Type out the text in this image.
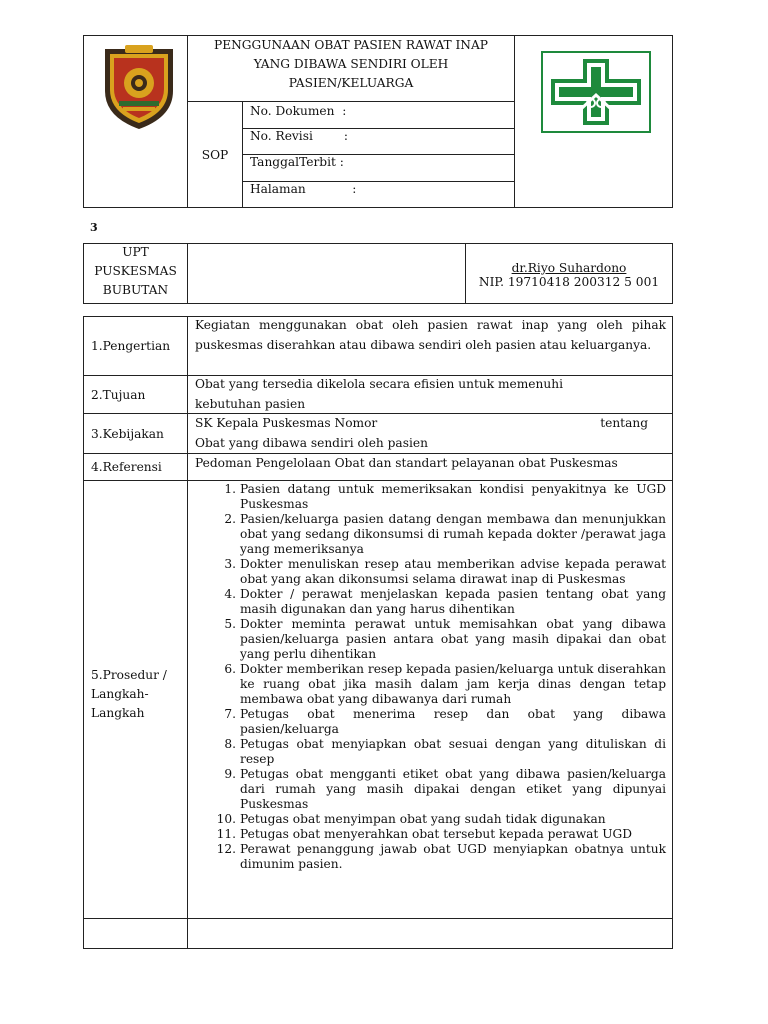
PENGGUNAAN OBAT PASIEN RAWAT INAP
YANG DIBAWA SENDIRI OLEH
PASIEN/KELUARGA
SOP
No. Dokumen  :
No. Revisi        :
TanggalTerbit :
Halaman            :
3
UPT
PUSKESMAS
BUBUTAN
dr.Riyo Suhardono
NIP. 19710418 200312 5 001
1.Pengertian
Kegiatan menggunakan obat oleh pasien rawat inap yang oleh pihak puskesmas diserahkan atau dibawa sendiri oleh pasien atau keluarganya.
2.Tujuan
Obat yang tersedia dikelola secara efisien untuk memenuhi kebutuhan pasien
3.Kebijakan
SK Kepala Puskesmas Nomor	tentang
Obat yang dibawa sendiri oleh pasien
4.Referensi	Pedoman Pengelolaan Obat dan standart pelayanan obat Puskesmas
5.Prosedur /
Langkah-
Langkah
1. Pasien datang untuk memeriksakan kondisi penyakitnya ke UGD Puskesmas
2. Pasien/keluarga pasien datang dengan membawa dan menunjukkan obat yang sedang dikonsumsi di rumah kepada dokter /perawat jaga yang memeriksanya
3. Dokter menuliskan resep atau memberikan advise kepada perawat obat yang akan dikonsumsi selama dirawat inap di Puskesmas
4. Dokter / perawat menjelaskan kepada pasien tentang obat yang masih digunakan dan yang harus dihentikan
5. Dokter meminta perawat untuk memisahkan obat yang dibawa pasien/keluarga pasien antara obat yang masih dipakai dan obat yang perlu dihentikan
6. Dokter memberikan resep kepada pasien/keluarga untuk diserahkan ke ruang obat jika masih dalam jam kerja dinas dengan tetap membawa obat yang dibawanya dari rumah
7. Petugas obat menerima resep dan obat yang dibawa pasien/keluarga
8. Petugas obat menyiapkan obat sesuai dengan yang dituliskan di resep
9. Petugas obat mengganti etiket obat yang dibawa pasien/keluarga dari rumah yang masih dipakai dengan etiket yang dipunyai Puskesmas
10. Petugas obat menyimpan obat yang sudah tidak digunakan
11. Petugas obat menyerahkan obat tersebut kepada perawat UGD
12. Perawat penanggung jawab obat UGD menyiapkan obatnya untuk dimunim pasien.
